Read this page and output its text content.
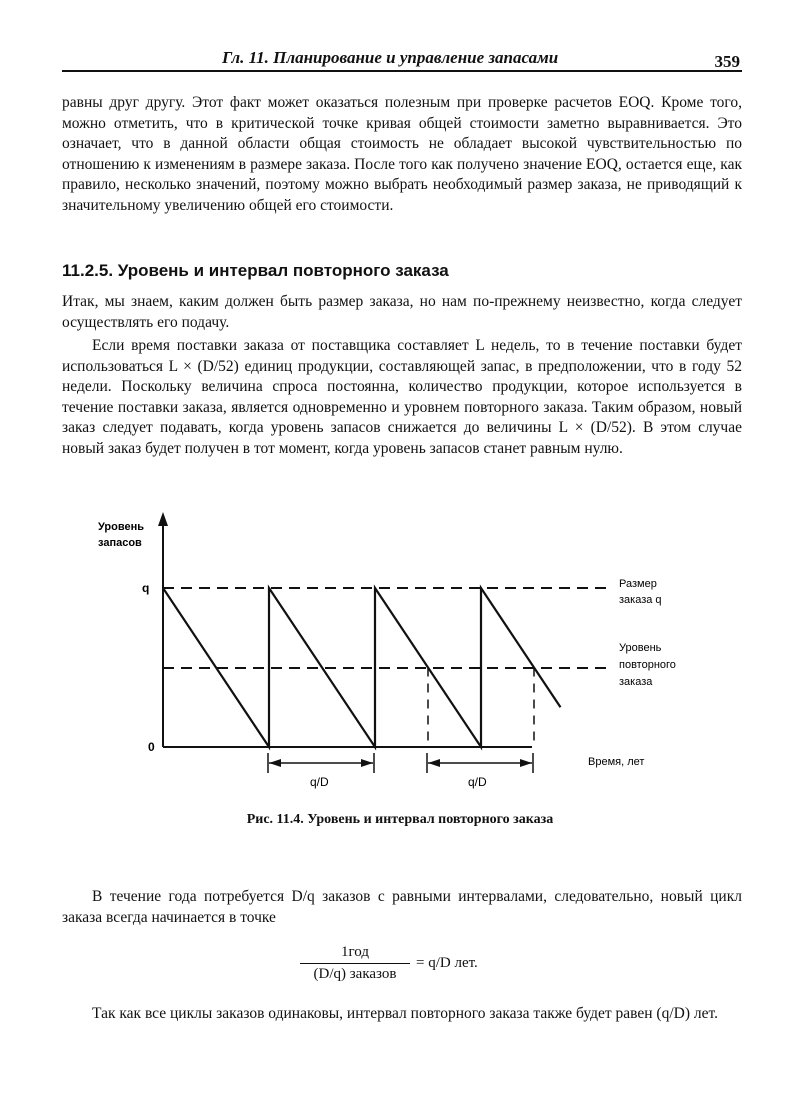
Гл. 11. Планирование и управление запасами	359

равны друг другу. Этот факт может оказаться полезным при проверке расчетов EOQ. Кроме того, можно отметить, что в критической точке кривая общей стоимости заметно выравнивается. Это означает, что в данной области общая стоимость не обладает высокой чувствительностью по отношению к изменениям в размере заказа. После того как получено значение EOQ, остается еще, как правило, несколько значений, поэтому можно выбрать необходимый размер заказа, не приводящий к значительному увеличению общей его стоимости.

11.2.5. Уровень и интервал повторного заказа

Итак, мы знаем, каким должен быть размер заказа, но нам по-прежнему неизвестно, когда следует осуществлять его подачу.

Если время поставки заказа от поставщика составляет L недель, то в течение поставки будет использоваться L × (D/52) единиц продукции, составляющей запас, в предположении, что в году 52 недели. Поскольку величина спроса постоянна, количество продукции, которое используется в течение поставки заказа, является одновременно и уровнем повторного заказа. Таким образом, новый заказ следует подавать, когда уровень запасов снижается до величины L × (D/52). В этом случае новый заказ будет получен в тот момент, когда уровень запасов станет равным нулю.

Уровень
запасов
q
0
q/D	q/D
Время, лет
Размер
заказа q
Уровень
повторного
заказа
Рис. 11.4. Уровень и интервал повторного заказа

В течение года потребуется D/q заказов с равными интервалами, следовательно, новый цикл заказа всегда начинается в точке

1год
(D/q) заказов
= q/D лет.

Так как все циклы заказов одинаковы, интервал повторного заказа также будет равен (q/D) лет.
